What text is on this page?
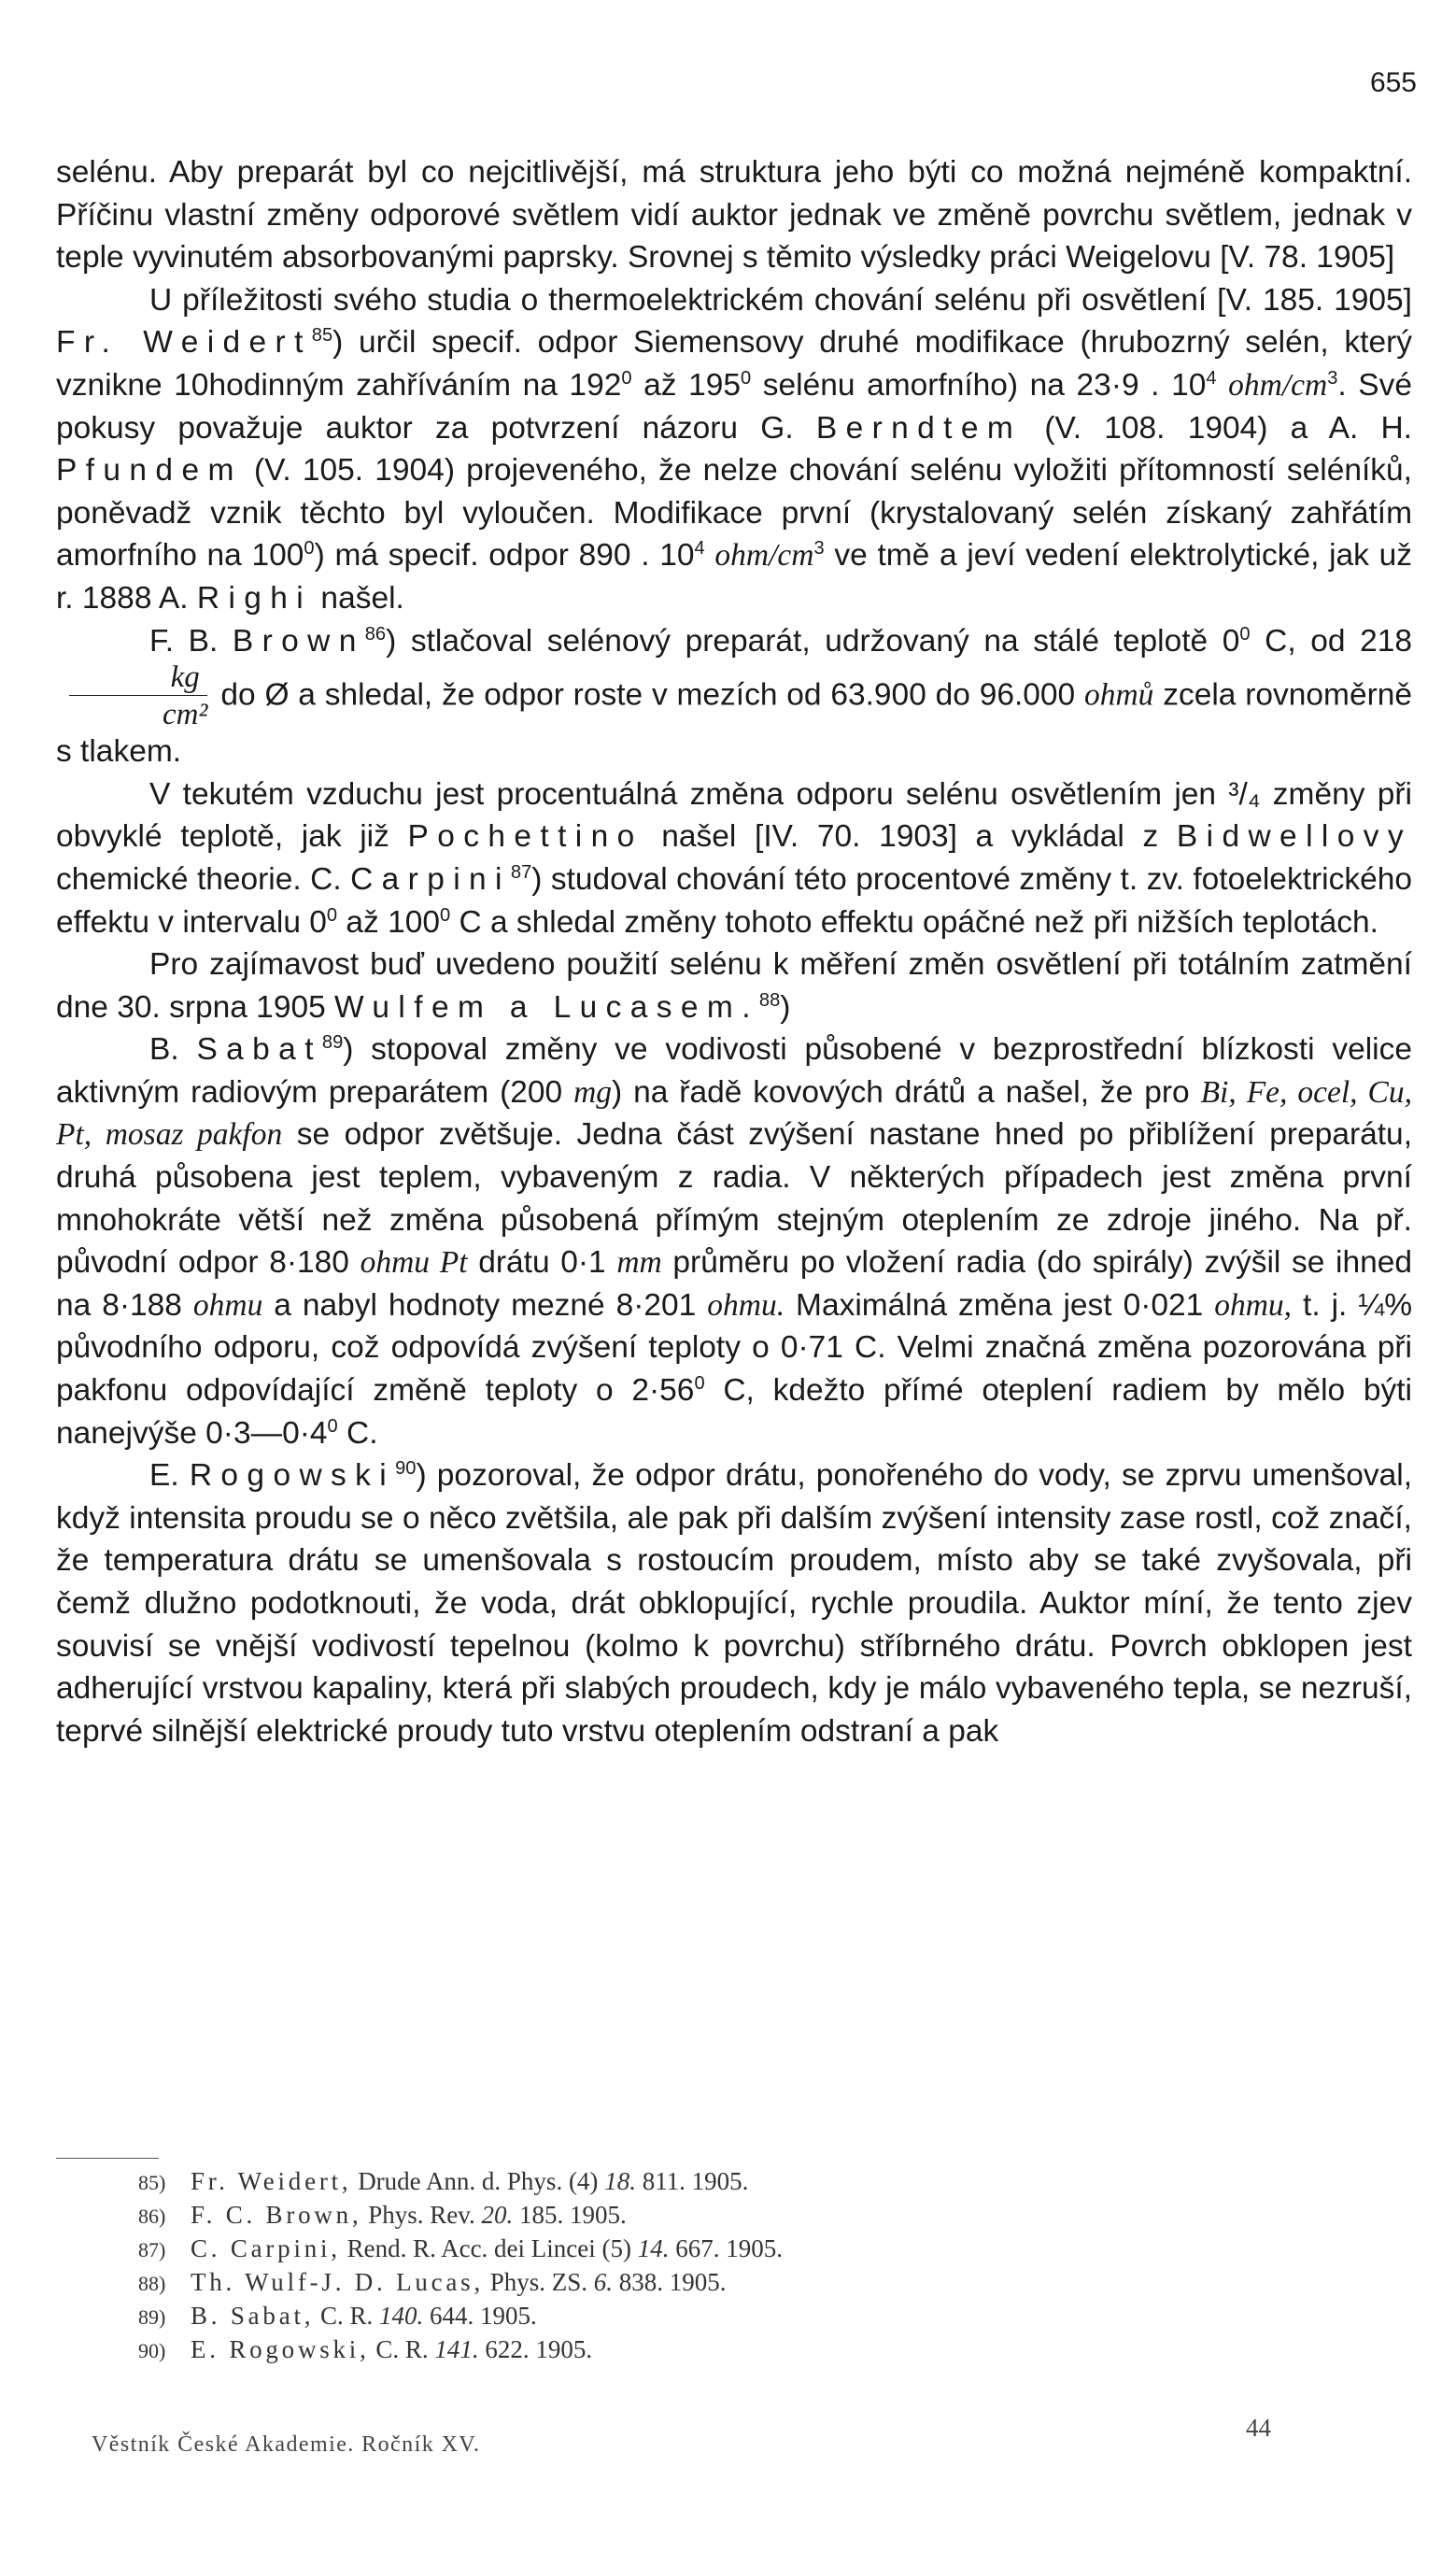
655

selénu. Aby preparát byl co nejcitlivější, má struktura jeho býti co možná nejméně kompaktní. Příčinu vlastní změny odporové světlem vidí auktor jednak ve změně povrchu světlem, jednak v teple vyvinutém absorbovanými paprsky. Srovnej s těmito výsledky práci Weigelovu [V. 78. 1905]

U příležitosti svého studia o thermoelektrickém chování selénu při osvětlení [V. 185. 1905] Fr. Weidert$^{85}$) určil specif. odpor Siemensovy druhé modifikace (hrubozrný selén, který vznikne 10hodinným zahříváním na $192^0$ až $195^0$ selénu amorfního) na 23·9 . $10^4$ ohm/$cm^3$. Své pokusy považuje auktor za potvrzení názoru G. Berndtem (V. 108. 1904) a A. H. Pfundem (V. 105. 1904) projeveného, že nelze chování selénu vyložiti přítomností seléníků, poněvadž vznik těchto byl vyloučen. Modifikace první (krystalovaný selén získaný zahřátím amorfního na $100^0$) má specif. odpor 890 . $10^4$ ohm/$cm^3$ ve tmě a jeví vedení elektrolytické, jak už r. 1888 A. Righi našel.

F. B. Brown$^{86}$) stlačoval selénový preparát, udržovaný na stálé teplotě $0^0$ C, od 218
$\frac{kg}{\text{cm²}}$ do Ø a shledal, že odpor roste v mezích od 63.900 do 96.000 ohmů zcela rovnoměrně s tlakem.

V tekutém vzduchu jest procentuálná změna odporu selénu osvětlením jen ³/₄ změny při obvyklé teplotě, jak již Pochettino našel [IV. 70. 1903] a vykládal z Bidwellovy chemické theorie. C. Carpini$^{87}$) studoval chování této procentové změny t. zv. fotoelektrického effektu v intervalu $0^0$ až $100^0$ C a shledal změny tohoto effektu opáčné než při nižších teplotách.

Pro zajímavost buď uvedeno použití selénu k měření změn osvětlení při totálním zatmění dne 30. srpna 1905 Wulfem a Lucasem.$^{88}$)

B. Sabat$^{89}$) stopoval změny ve vodivosti působené v bezprostřední blízkosti velice aktivným radiovým preparátem (200 mg) na řadě kovových drátů a našel, že pro Bi, Fe, ocel, Cu, Pt, mosaz pakfon se odpor zvětšuje. Jedna část zvýšení nastane hned po přiblížení preparátu, druhá působena jest teplem, vybaveným z radia. V některých případech jest změna první mnohokráte větší než změna působená přímým stejným oteplením ze zdroje jiného. Na př. původní odpor 8·180 ohmu Pt drátu 0·1 mm průměru po vložení radia (do spirály) zvýšil se ihned na 8·188 ohmu a nabyl hodnoty mezné 8·201 ohmu. Maximálná změna jest 0·021 ohmu, t. j. ¼% původního odporu, což odpovídá zvýšení teploty o 0·71 C. Velmi značná změna pozorována při pakfonu odpovídající změně teploty o $2\cdot 56^0$ C, kdežto přímé oteplení radiem by mělo býti nanejvýše $0\cdot 3—0\cdot 4^0$ C.

E. Rogowski$^{90}$) pozoroval, že odpor drátu, ponořeného do vody, se zprvu umenšoval, když intensita proudu se o něco zvětšila, ale pak při dalším zvýšení intensity zase rostl, což značí, že temperatura drátu se umenšovala s rostoucím proudem, místo aby se také zvyšovala, při čemž dlužno podotknouti, že voda, drát obklopující, rychle proudila. Auktor míní, že tento zjev souvisí se vnější vodivostí tepelnou (kolmo k povrchu) stříbrného drátu. Povrch obklopen jest adherující vrstvou kapaliny, která při slabých proudech, kdy je málo vybaveného tepla, se nezruší, teprvé silnější elektrické proudy tuto vrstvu oteplením odstraní a pak

85) Fr. Weidert, Drude Ann. d. Phys. (4) 18. 811. 1905.
86) F. C. Brown, Phys. Rev. 20. 185. 1905.
87) C. Carpini, Rend. R. Acc. dei Lincei (5) 14. 667. 1905.
88) Th. Wulf-J. D. Lucas, Phys. ZS. 6. 838. 1905.
89) B. Sabat, C. R. 140. 644. 1905.
90) E. Rogowski, C. R. 141. 622. 1905.
Věstník České Akademie. Ročník XV.
44
